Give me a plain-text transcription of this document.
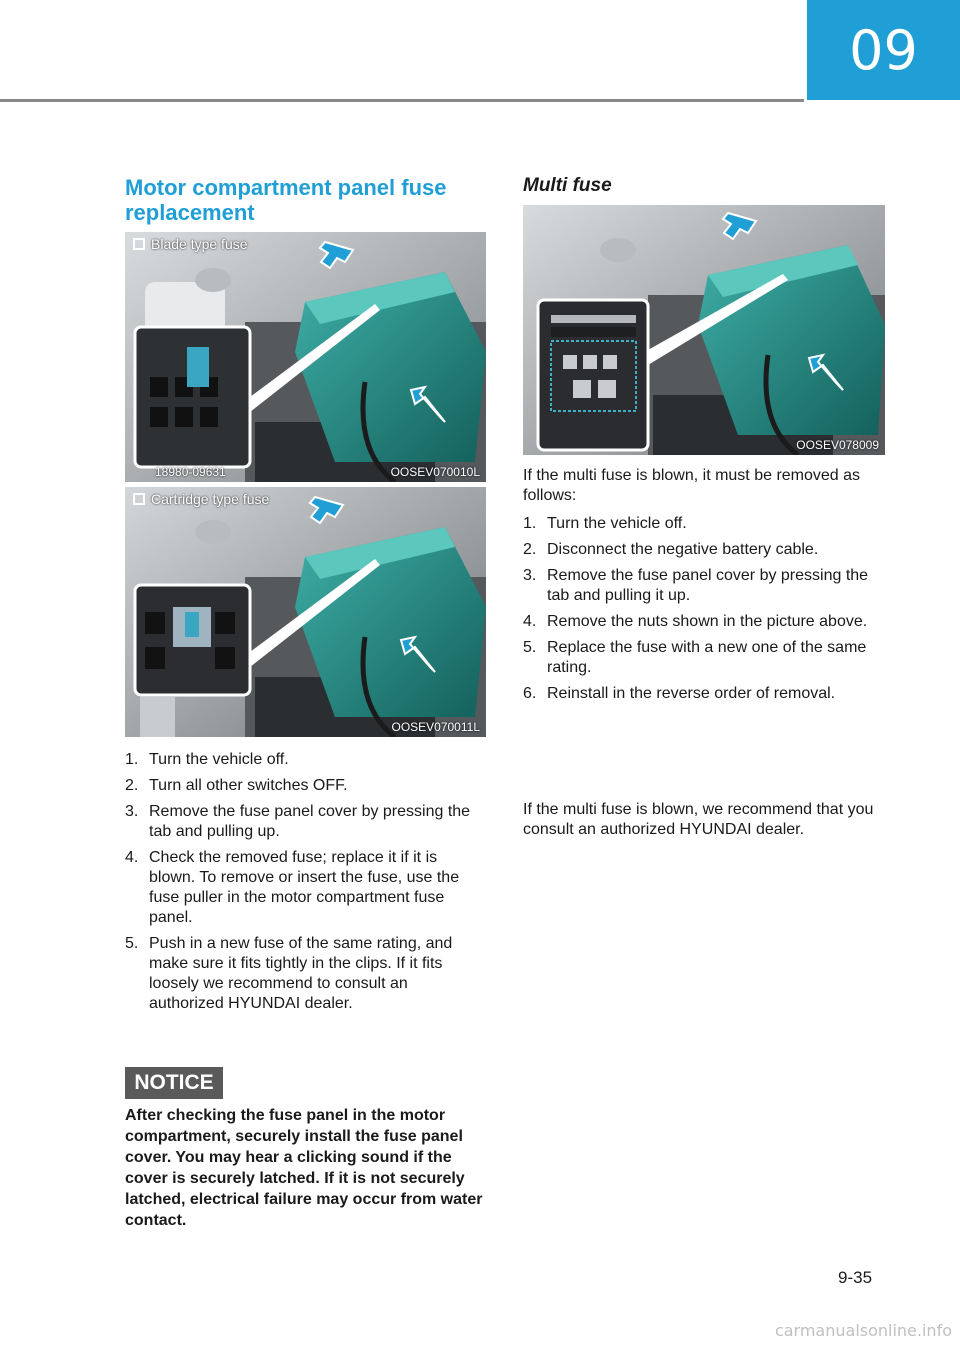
09
Motor compartment panel fuse replacement
Blade type fuse
18980-09631	OOSEV070010L
Cartridge type fuse
OOSEV070011L
1. Turn the vehicle off.
2. Turn all other switches OFF.
3. Remove the fuse panel cover by pressing the tab and pulling up.
4. Check the removed fuse; replace it if it is blown. To remove or insert the fuse, use the fuse puller in the motor compartment fuse panel.
5. Push in a new fuse of the same rating, and make sure it fits tightly in the clips. If it fits loosely we recommend to consult an authorized HYUNDAI dealer.
NOTICE
After checking the fuse panel in the motor compartment, securely install the fuse panel cover. You may hear a clicking sound if the cover is securely latched. If it is not securely latched, electrical failure may occur from water contact.
Multi fuse
OOSEV078009

If the multi fuse is blown, it must be removed as follows:

1. Turn the vehicle off.
2. Disconnect the negative battery cable.
3. Remove the fuse panel cover by pressing the tab and pulling it up.
4. Remove the nuts shown in the picture above.
5. Replace the fuse with a new one of the same rating.
6. Reinstall in the reverse order of removal.

If the multi fuse is blown, we recommend that you consult an authorized HYUNDAI dealer.

9-35
carmanualsonline.info
